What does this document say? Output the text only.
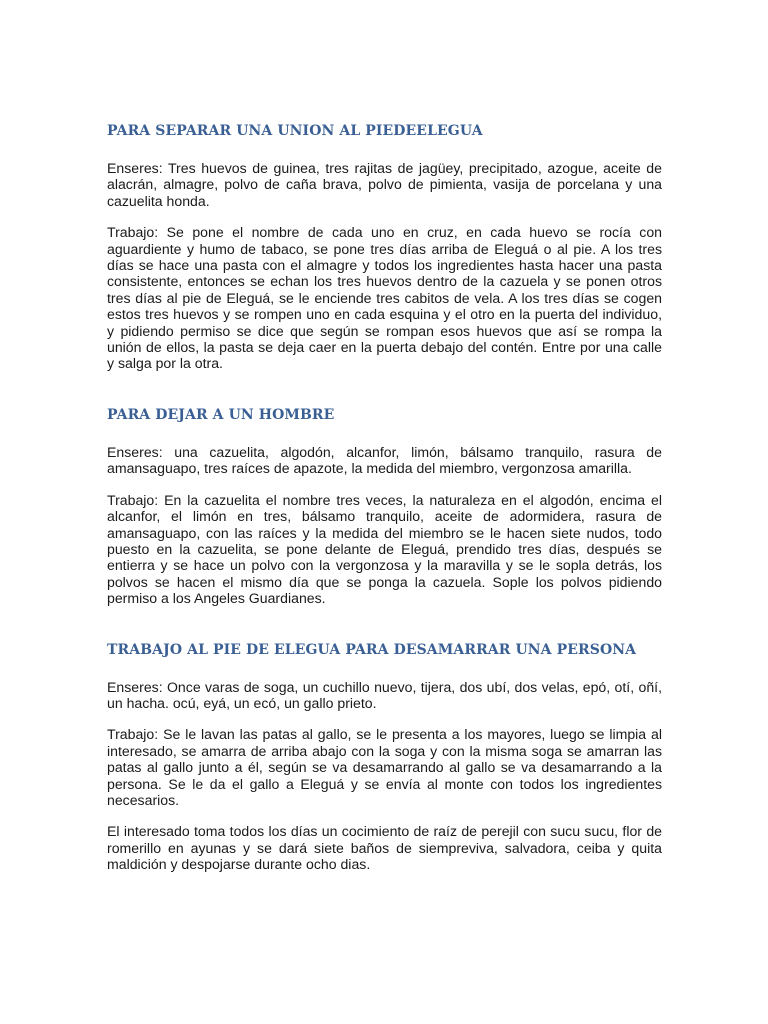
PARA SEPARAR UNA UNION AL PIEDEELEGUA

Enseres: Tres huevos de guinea, tres rajitas de jagüey, precipitado, azogue, aceite de alacrán, almagre, polvo de caña brava, polvo de pimienta, vasija de porcelana y una cazuelita honda.

Trabajo: Se pone el nombre de cada uno en cruz, en cada huevo se rocía con aguardiente y humo de tabaco, se pone tres días arriba de Eleguá o al pie. A los tres días se hace una pasta con el almagre y todos los ingredientes hasta hacer una pasta consistente, entonces se echan los tres huevos dentro de la cazuela y se ponen otros tres días al pie de Eleguá, se le enciende tres cabitos de vela. A los tres días se cogen estos tres huevos y se rompen uno en cada esquina y el otro en la puerta del individuo, y pidiendo permiso se dice que según se rompan esos huevos que así se rompa la unión de ellos, la pasta se deja caer en la puerta debajo del contén. Entre por una calle y salga por la otra.

PARA DEJAR A UN HOMBRE

Enseres: una cazuelita, algodón, alcanfor, limón, bálsamo tranquilo, rasura de amansaguapo, tres raíces de apazote, la medida del miembro, vergonzosa amarilla.

Trabajo: En la cazuelita el nombre tres veces, la naturaleza en el algodón, encima el alcanfor, el limón en tres, bálsamo tranquilo, aceite de adormidera, rasura de amansaguapo, con las raíces y la medida del miembro se le hacen siete nudos, todo puesto en la cazuelita, se pone delante de Eleguá, prendido tres días, después se entierra y se hace un polvo con la vergonzosa y la maravilla y se le sopla detrás, los polvos se hacen el mismo día que se ponga la cazuela. Sople los polvos pidiendo permiso a los Angeles Guardianes.

TRABAJO AL PIE DE ELEGUA PARA DESAMARRAR UNA PERSONA

Enseres: Once varas de soga, un cuchillo nuevo, tijera, dos ubí, dos velas, epó, otí, oñí, un hacha. ocú, eyá, un ecó, un gallo prieto.

Trabajo: Se le lavan las patas al gallo, se le presenta a los mayores, luego se limpia al interesado, se amarra de arriba abajo con la soga y con la misma soga se amarran las patas al gallo junto a él, según se va desamarrando al gallo se va desamarrando a la persona. Se le da el gallo a Eleguá y se envía al monte con todos los ingredientes necesarios.

El interesado toma todos los días un cocimiento de raíz de perejil con sucu sucu, flor de romerillo en ayunas y se dará siete baños de siempreviva, salvadora, ceiba y quita maldición y despojarse durante ocho dias.
